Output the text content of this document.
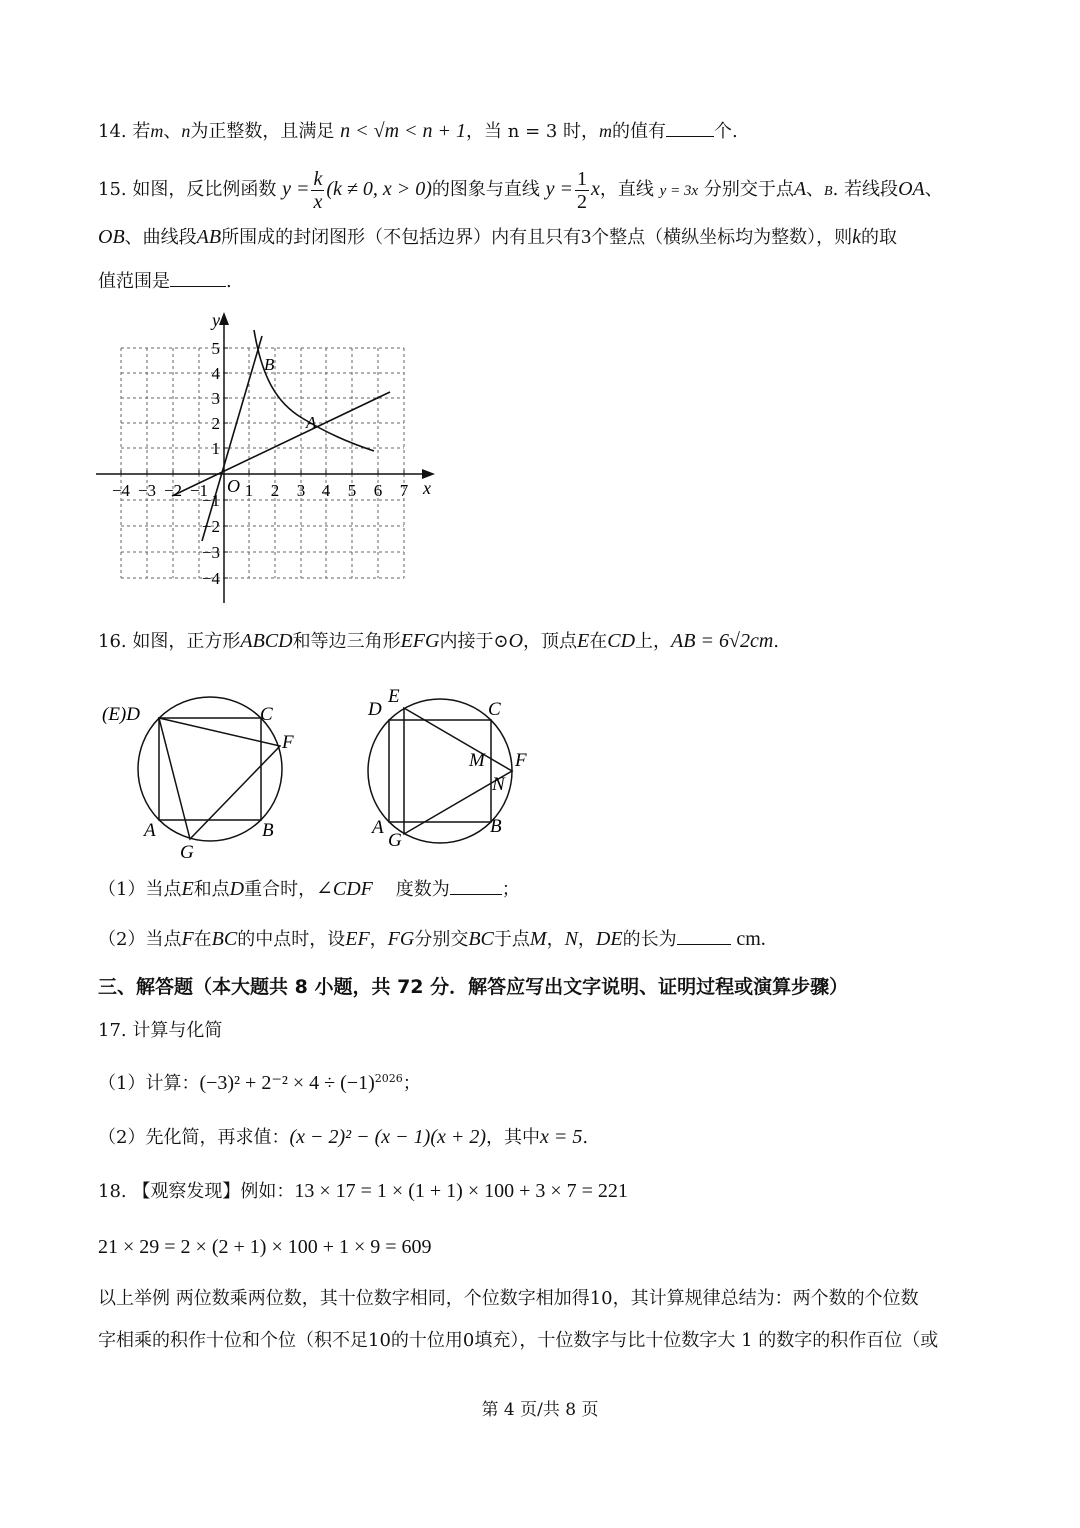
14. 若m、n为正整数，且满足 n < √m < n + 1，当 n = 3 时，m的值有	个.
15. 如图，反比例函数 $y = \frac{k}{x} (k \ne 0$, x > 0)的图象与直线 $y = \frac{1}{2}$ x，直线 y = 3x 分别交于点A、B. 若线段OA、
OB、曲线段AB所围成的封闭图形（不包括边界）内有且只有3个整点（横纵坐标均为整数），则k的取
值范围是	.
y
x
O
A
B
−4 −3 −2 −1 1 2 3 4 5 6 7
5
4
3
2
1
−1
−2
−3
−4
16. 如图，正方形ABCD和等边三角形EFG内接于⊙O，顶点E在CD上，AB = 6√2cm.
(E)D	C
F
A	B
G
D
E
C
M F
N
A
G
B
（1）当点E和点D重合时，∠CDF 度数为	；
（2）当点F在BC的中点时，设EF，FG分别交BC于点M，N，DE的长为	cm.
三、解答题（本大题共 8 小题，共 72 分．解答应写出文字说明、证明过程或演算步骤）
17. 计算与化简
（1）计算：$(-3)^2 + 2^{-2} \times 4 \div (-1)^{2026}$；
（2）先化简，再求值：(x − 2)² − (x − 1)(x + 2)，其中x = 5.
18. 【观察发现】例如：13 × 17 = 1 × (1 + 1) × 100 + 3 × 7 = 221
21 × 29 = 2 × (2 + 1) × 100 + 1 × 9 = 609
以上举例 两位数乘两位数，其十位数字相同，个位数字相加得10，其计算规律总结为：两个数的个位数
字相乘的积作十位和个位（积不足10的十位用0填充），十位数字与比十位数字大 1 的数字的积作百位（或
第 4 页/共 8 页
